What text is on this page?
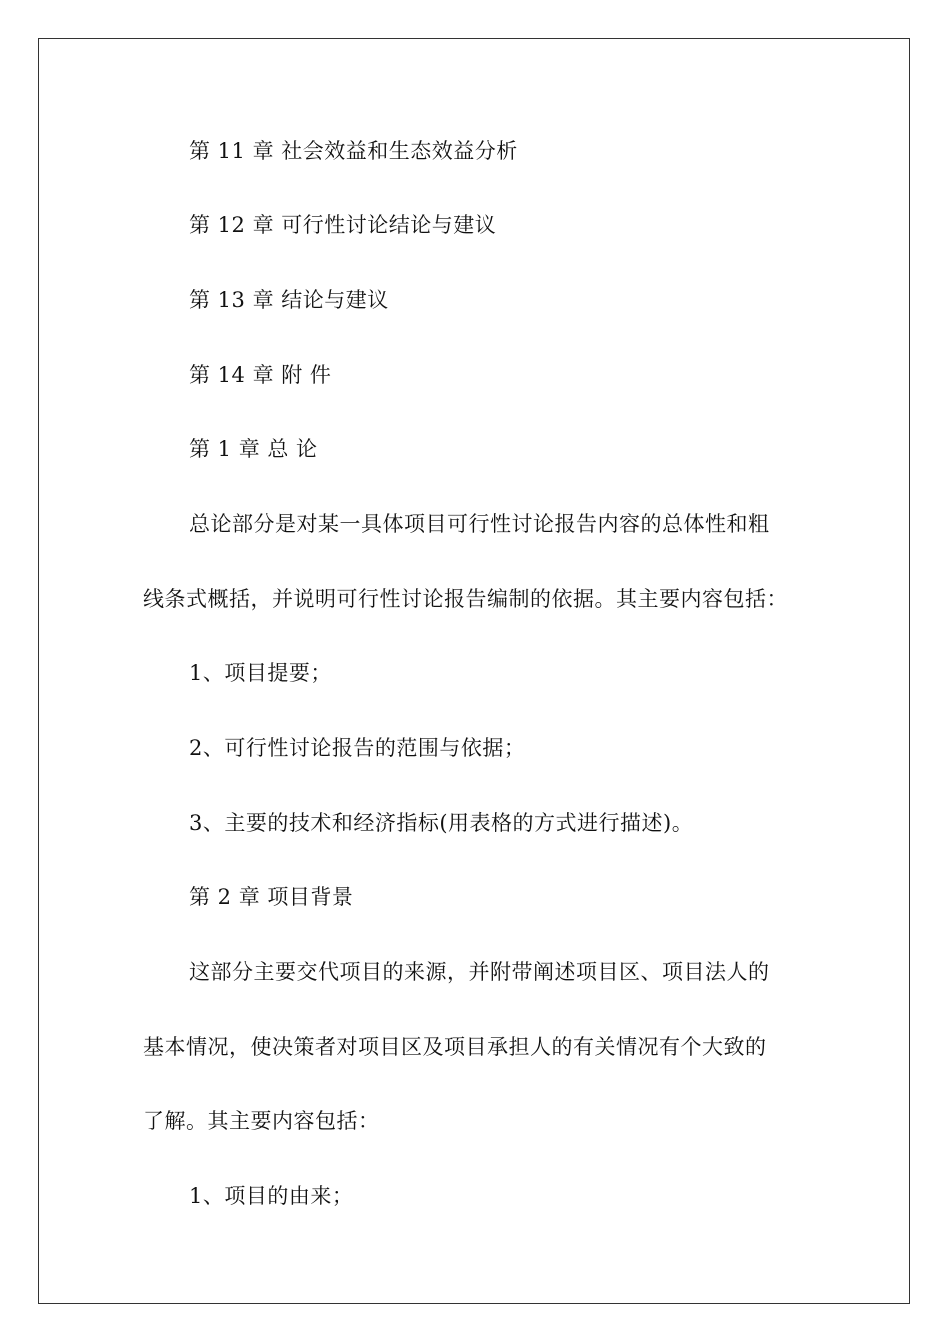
第 11 章 社会效益和生态效益分析
第 12 章 可行性讨论结论与建议
第 13 章 结论与建议
第 14 章 附 件
第 1 章 总 论
总论部分是对某一具体项目可行性讨论报告内容的总体性和粗
线条式概括，并说明可行性讨论报告编制的依据。其主要内容包括：
1、项目提要；
2、可行性讨论报告的范围与依据；
3、主要的技术和经济指标(用表格的方式进行描述)。
第 2 章 项目背景
这部分主要交代项目的来源，并附带阐述项目区、项目法人的
基本情况，使决策者对项目区及项目承担人的有关情况有个大致的
了解。其主要内容包括：
1、项目的由来；
